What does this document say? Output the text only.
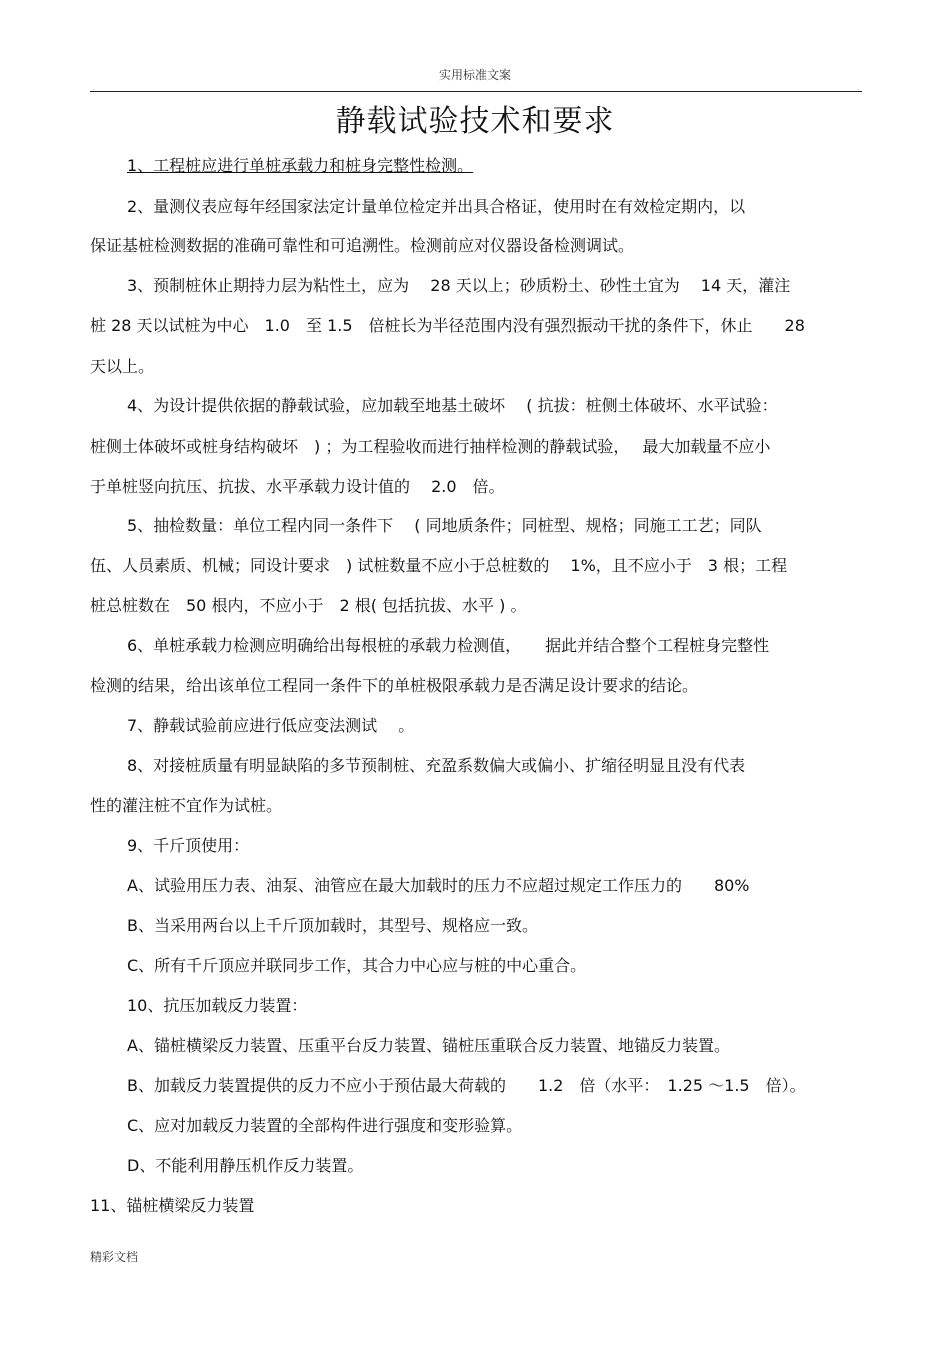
实用标准文案
静载试验技术和要求
1、工程桩应进行单桩承载力和桩身完整性检测。
2、量测仪表应每年经国家法定计量单位检定并出具合格证，使用时在有效检定期内，以
保证基桩检测数据的准确可靠性和可追溯性。检测前应对仪器设备检测调试。
3、预制桩休止期持力层为粘性土，应为　 28 天以上；砂质粉土、砂性土宜为　 14 天，灌注
桩 28 天以试桩为中心　1.0　至 1.5　倍桩长为半径范围内没有强烈振动干扰的条件下，休止　　28
天以上。
4、为设计提供依据的静载试验，应加载至地基土破坏　 ( 抗拔：桩侧土体破坏、水平试验：
桩侧土体破坏或桩身结构破坏　) ；为工程验收而进行抽样检测的静载试验，　 最大加载量不应小
于单桩竖向抗压、抗拔、水平承载力设计值的　 2.0　倍。
5、抽检数量：单位工程内同一条件下　 ( 同地质条件；同桩型、规格；同施工工艺；同队
伍、人员素质、机械；同设计要求　) 试桩数量不应小于总桩数的　 1%，且不应小于　3 根；工程
桩总桩数在　50 根内，不应小于　2 根( 包括抗拔、水平 ) 。
6、单桩承载力检测应明确给出每根桩的承载力检测值，　　据此并结合整个工程桩身完整性
检测的结果，给出该单位工程同一条件下的单桩极限承载力是否满足设计要求的结论。
7、静载试验前应进行低应变法测试　 。
8、对接桩质量有明显缺陷的多节预制桩、充盈系数偏大或偏小、扩缩径明显且没有代表
性的灌注桩不宜作为试桩。
9、千斤顶使用：
A、试验用压力表、油泵、油管应在最大加载时的压力不应超过规定工作压力的　　80%
B、当采用两台以上千斤顶加载时，其型号、规格应一致。
C、所有千斤顶应并联同步工作，其合力中心应与桩的中心重合。
10、抗压加载反力装置：
A、锚桩横梁反力装置、压重平台反力装置、锚桩压重联合反力装置、地锚反力装置。
B、加载反力装置提供的反力不应小于预估最大荷载的　　1.2　倍（水平：　1.25 ～1.5　倍）。
C、应对加载反力装置的全部构件进行强度和变形验算。
D、不能利用静压机作反力装置。
11、锚桩横梁反力装置
精彩文档
